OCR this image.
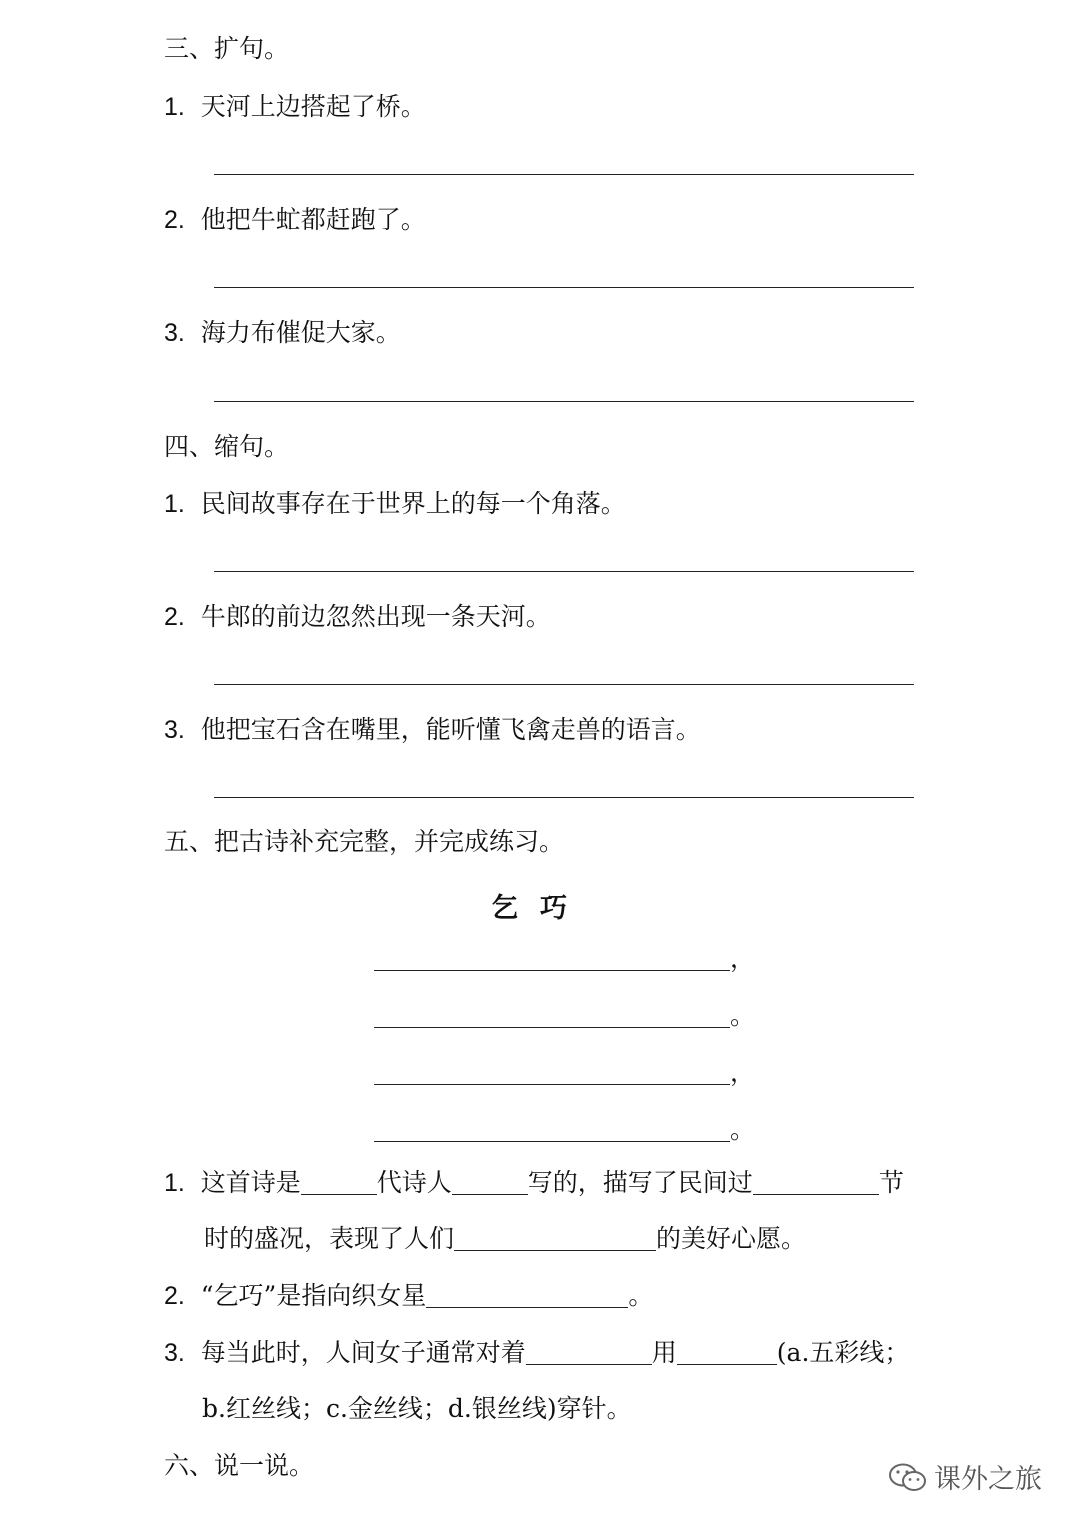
三、扩句。
1. 天河上边搭起了桥。
2. 他把牛虻都赶跑了。
3. 海力布催促大家。
四、缩句。
1. 民间故事存在于世界上的每一个角落。
2. 牛郎的前边忽然出现一条天河。
3. 他把宝石含在嘴里，能听懂飞禽走兽的语言。
五、把古诗补充完整，并完成练习。
乞巧
，
。
，
。
1. 这首诗是	代诗人	写的，描写了民间过	节
时的盛况，表现了人们	的美好心愿。
2. “乞巧”是指向织女星	。
3. 每当此时，人间女子通常对着	用	(a.五彩线；
b.红丝线；c.金丝线；d.银丝线)穿针。
六、说一说。	课外之旅
